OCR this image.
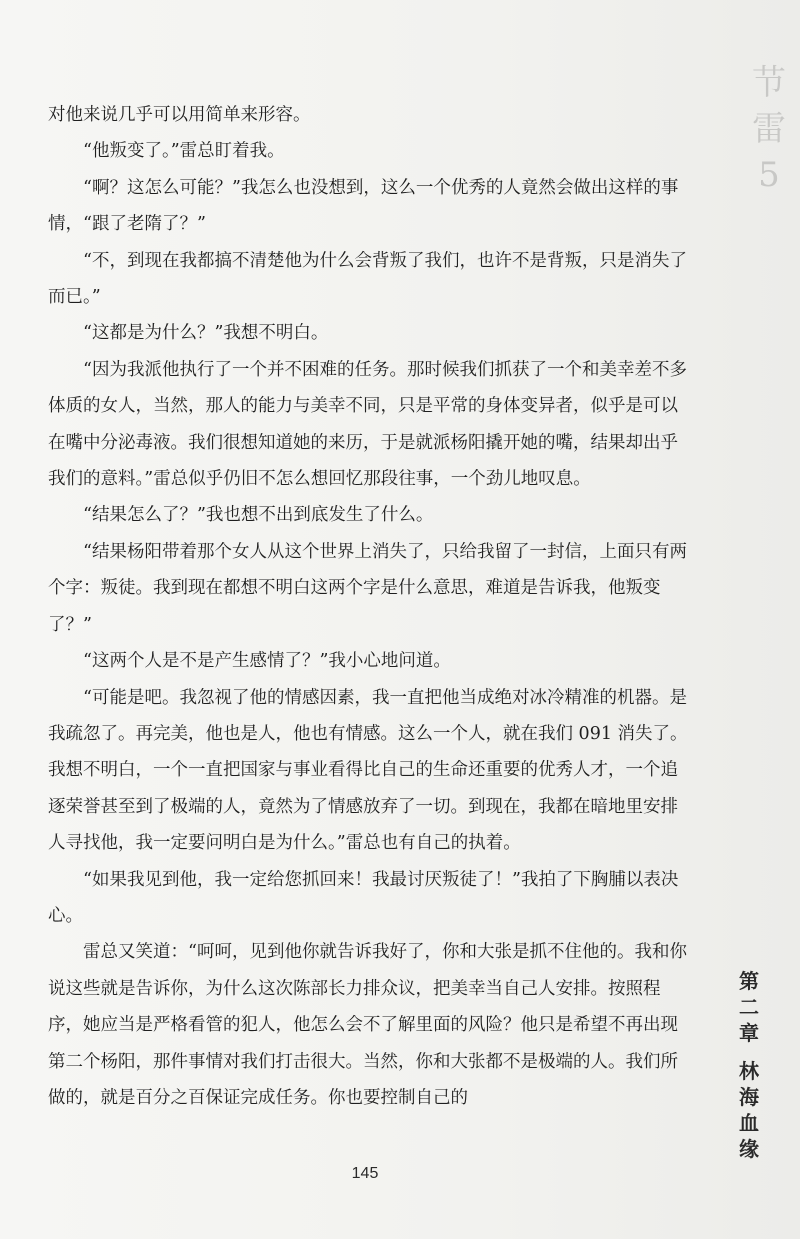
节
雷
5

对他来说几乎可以用简单来形容。

“他叛变了。”雷总盯着我。

“啊？这怎么可能？”我怎么也没想到，这么一个优秀的人竟然会做出这样的事情，“跟了老隋了？”

“不，到现在我都搞不清楚他为什么会背叛了我们，也许不是背叛，只是消失了而已。”

“这都是为什么？”我想不明白。

“因为我派他执行了一个并不困难的任务。那时候我们抓获了一个和美幸差不多体质的女人，当然，那人的能力与美幸不同，只是平常的身体变异者，似乎是可以在嘴中分泌毒液。我们很想知道她的来历，于是就派杨阳撬开她的嘴，结果却出乎我们的意料。”雷总似乎仍旧不怎么想回忆那段往事，一个劲儿地叹息。

“结果怎么了？”我也想不出到底发生了什么。

“结果杨阳带着那个女人从这个世界上消失了，只给我留了一封信，上面只有两个字：叛徒。我到现在都想不明白这两个字是什么意思，难道是告诉我，他叛变了？”

“这两个人是不是产生感情了？”我小心地问道。

“可能是吧。我忽视了他的情感因素，我一直把他当成绝对冰冷精准的机器。是我疏忽了。再完美，他也是人，他也有情感。这么一个人，就在我们 091 消失了。我想不明白，一个一直把国家与事业看得比自己的生命还重要的优秀人才，一个追逐荣誉甚至到了极端的人，竟然为了情感放弃了一切。到现在，我都在暗地里安排人寻找他，我一定要问明白是为什么。”雷总也有自己的执着。

“如果我见到他，我一定给您抓回来！我最讨厌叛徒了！”我拍了下胸脯以表决心。

雷总又笑道：“呵呵，见到他你就告诉我好了，你和大张是抓不住他的。我和你说这些就是告诉你，为什么这次陈部长力排众议，把美幸当自己人安排。按照程序，她应当是严格看管的犯人，他怎么会不了解里面的风险？他只是希望不再出现第二个杨阳，那件事情对我们打击很大。当然，你和大张都不是极端的人。我们所做的，就是百分之百保证完成任务。你也要控制自己的

第
二
章
林
海
血
缘
145
